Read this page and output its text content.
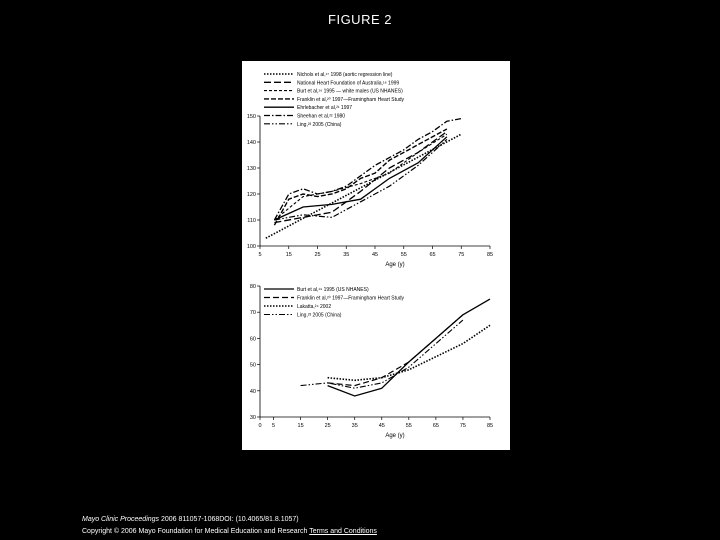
FIGURE 2
100
110
120
130
140
150
5	15	25	35	45	55	65	75	85
Age (y)
Pressure (mm Hg)
Nichols et al,¹⁷ 1998 (aortic regression line)
National Heart Foundation of Australia,¹⁸ 1999
Burt et al,¹⁹ 1995 — white males (US NHANES)
Franklin et al,²⁰ 1997—Framingham Heart Study
Ehrlebacher et al,²¹ 1997
Sheehan et al,²² 1980
Ling,²³ 2005 (China)
30
40
50
60
70
80
0 5	15	25	35	45	55	65	75	85
Age (y)
Pressure (mm Hg)
Burt et al,¹⁹ 1995 (US NHANES)
Franklin et al,²⁰ 1997—Framingham Heart Study
Lakatta,²⁴ 2002
Ling,²³ 2005 (China)
Mayo Clinic Proceedings 2006 811057-1068DOI: (10.4065/81.8.1057)
Copyright © 2006 Mayo Foundation for Medical Education and Research Terms and Conditions
